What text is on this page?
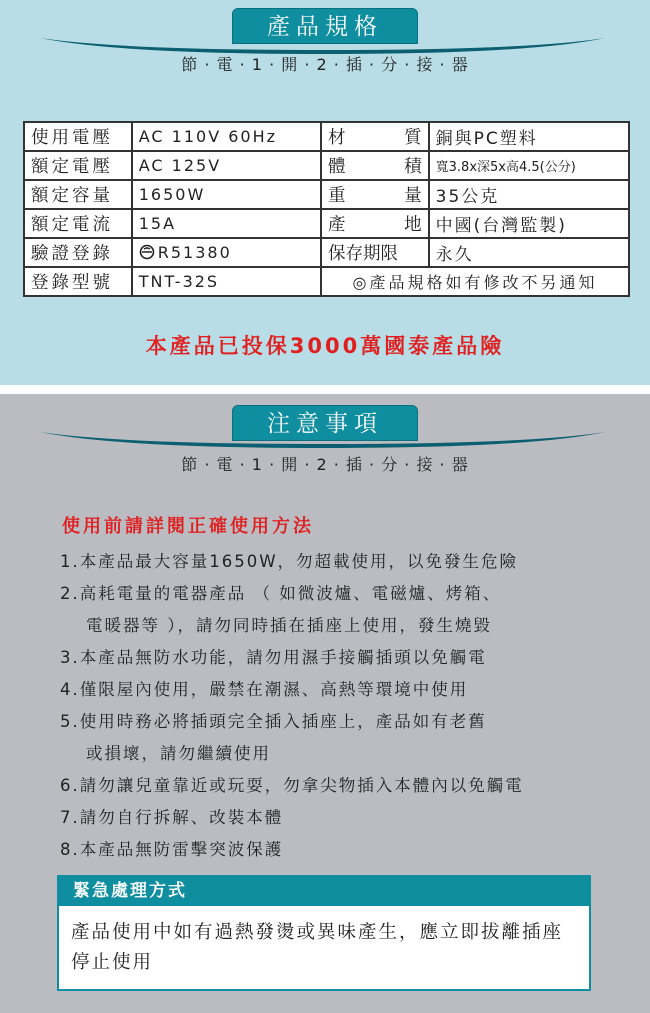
產品規格
節 · 電 · 1 · 開 · 2 · 插 · 分 · 接 · 器
使用電壓	AC 110V 60Hz	材 質	銅與PC塑料
額定電壓	AC 125V	體 積	寬3.8x深5x高4.5(公分)
額定容量	1650W	重 量	35公克
額定電流	15A	產 地	中國(台灣監製)
驗證登錄	R51380	保存期限	永久
登錄型號	TNT-32S	◎產品規格如有修改不另通知	
本產品已投保3000萬國泰產品險
注意事項
節 · 電 · 1 · 開 · 2 · 插 · 分 · 接 · 器
使用前請詳閱正確使用方法
1.本產品最大容量1650W，勿超載使用，以免發生危險
2.高耗電量的電器產品 （ 如微波爐、電磁爐、烤箱、
電暖器等 ），請勿同時插在插座上使用，發生燒毀
3.本產品無防水功能，請勿用濕手接觸插頭以免觸電
4.僅限屋內使用，嚴禁在潮濕、高熱等環境中使用
5.使用時務必將插頭完全插入插座上，產品如有老舊
或損壞，請勿繼續使用
6.請勿讓兒童靠近或玩耍，勿拿尖物插入本體內以免觸電
7.請勿自行拆解、改裝本體
8.本產品無防雷擊突波保護
緊急處理方式
產品使用中如有過熱發燙或異味產生，應立即拔離插座停止使用
